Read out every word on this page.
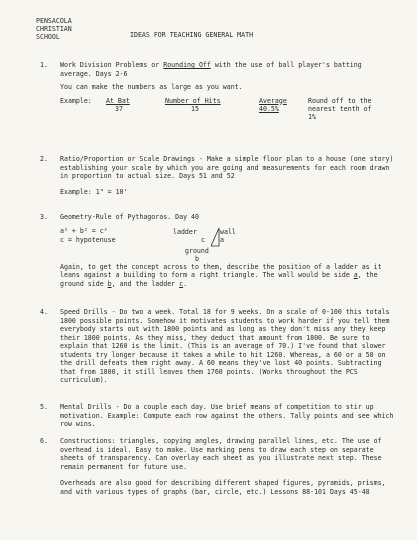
PENSACOLA
CHRISTIAN
SCHOOL	IDEAS FOR TEACHING GENERAL MATH
1. Work Division Problems or Rounding Off with the use of ball player's batting average. Days 2-6

You can make the numbers as large as you want.

Example: At Bat
37
Number of Hits
15
Average
40.5%
Round off to the
nearest tenth of
1%
2. Ratio/Proportion or Scale Drawings - Make a simple floor plan to a house (one story) establishing your scale by which you are going and measurements for each room drawn in proportion to actual size. Days 51 and 52

Example: 1" = 10'

3. Geometry-Rule of Pythagoras. Day 40

a² + b² = c²
c = hypotenuse
ladder	wall
c a
ground
b

Again, to get the concept across to them, describe the position of a ladder as it leans against a building to form a right triangle. The wall would be side a, the ground side b, and the ladder c.

4. Speed Drills - Do two a week. Total 18 for 9 weeks. On a scale of 0-100 this totals 1800 possible points. Somehow it motivates students to work harder if you tell them everybody starts out with 1800 points and as long as they don't miss any they keep their 1800 points. As they miss, they deduct that amount from 1800. Be sure to explain that 1260 is the limit. (This is an average of 70.) I've found that slower students try longer because it takes a while to hit 1260. Whereas, a 60 or a 50 on the drill defeats them right away. A 60 means they've lost 40 points. Subtracting that from 1800, it still leaves them 1760 points. (Works throughout the PCS curriculum).

5. Mental Drills - Do a couple each day. Use brief means of competition to stir up motivation. Example: Compute each row against the others. Tally points and see which row wins.

6. Constructions: triangles, copying angles, drawing parallel lines, etc. The use of overhead is ideal. Easy to make. Use marking pens to draw each step on separate sheets of transparency. Can overlay each sheet as you illustrate next step. These remain permanent for future use.

Overheads are also good for describing different shaped figures, pyramids, prisms, and with various types of graphs (bar, circle, etc.) Lessons 88-101 Days 45-48
